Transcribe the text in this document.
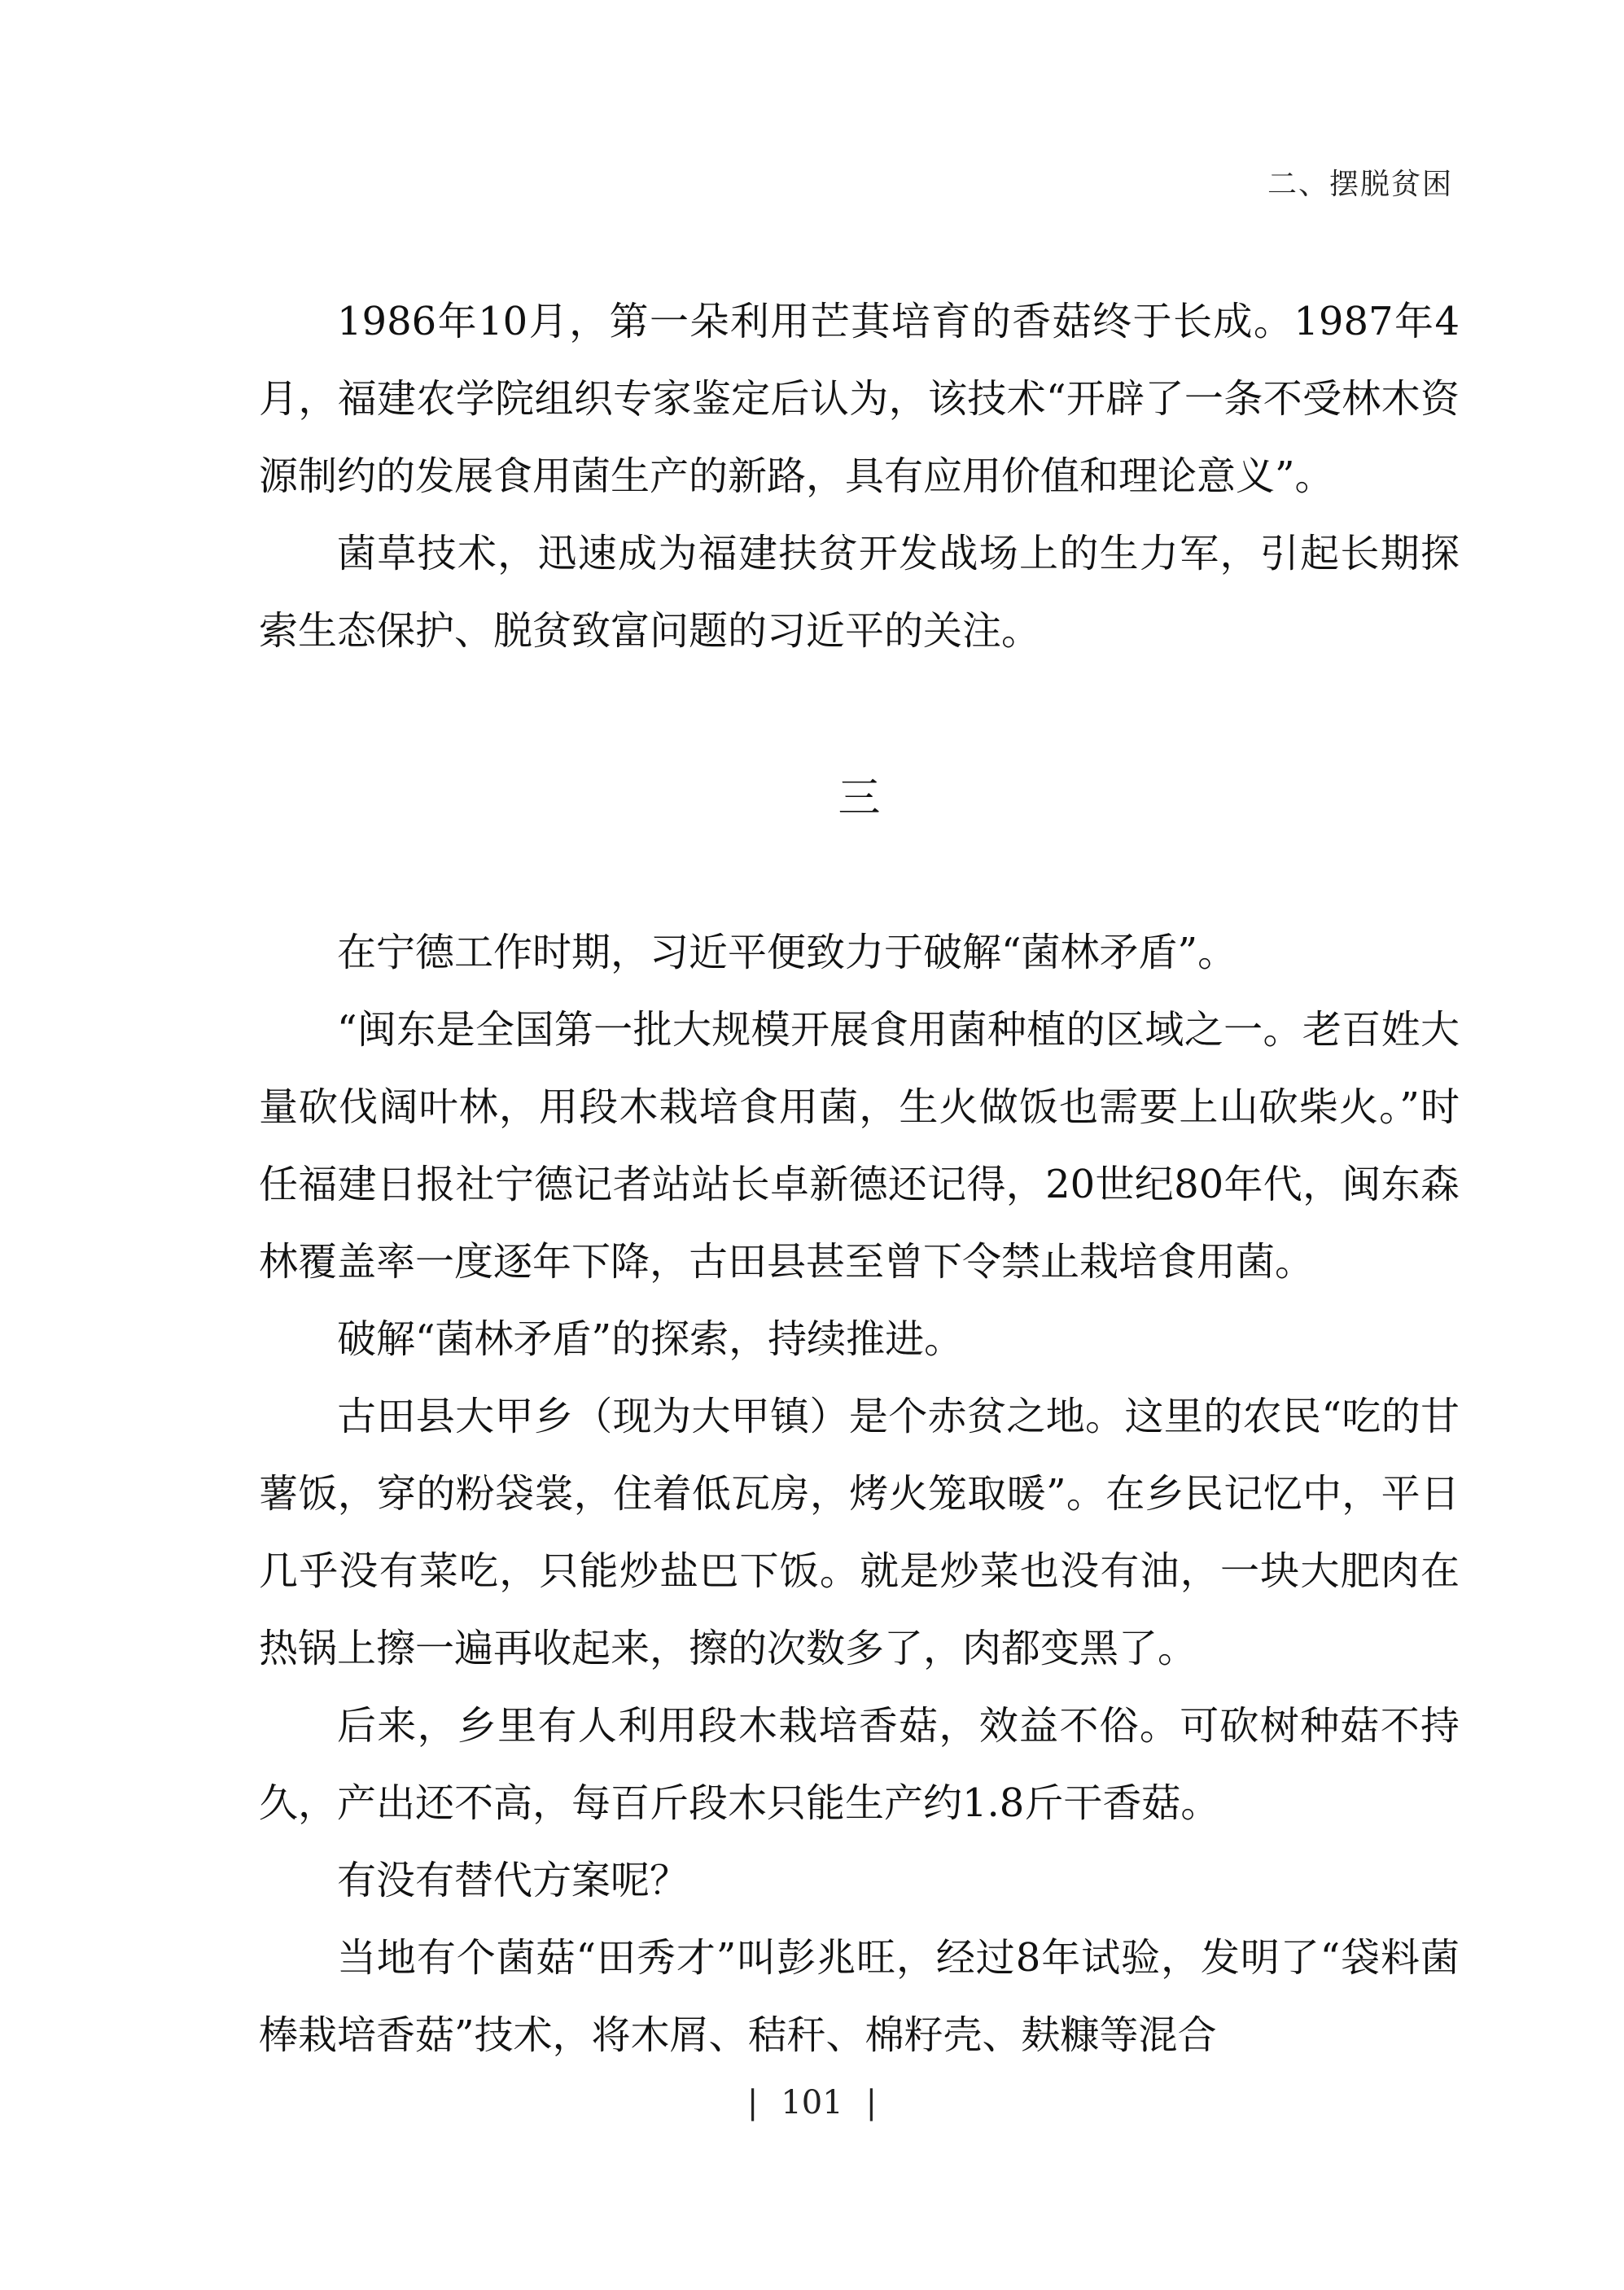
二、摆脱贫困

1986年10月，第一朵利用芒萁培育的香菇终于长成。1987年4月，福建农学院组织专家鉴定后认为，该技术“开辟了一条不受林木资源制约的发展食用菌生产的新路，具有应用价值和理论意义”。

菌草技术，迅速成为福建扶贫开发战场上的生力军，引起长期探索生态保护、脱贫致富问题的习近平的关注。

三

在宁德工作时期，习近平便致力于破解“菌林矛盾”。

“闽东是全国第一批大规模开展食用菌种植的区域之一。老百姓大量砍伐阔叶林，用段木栽培食用菌，生火做饭也需要上山砍柴火。”时任福建日报社宁德记者站站长卓新德还记得，20世纪80年代，闽东森林覆盖率一度逐年下降，古田县甚至曾下令禁止栽培食用菌。

破解“菌林矛盾”的探索，持续推进。

古田县大甲乡（现为大甲镇）是个赤贫之地。这里的农民“吃的甘薯饭，穿的粉袋裳，住着低瓦房，烤火笼取暖”。在乡民记忆中，平日几乎没有菜吃，只能炒盐巴下饭。就是炒菜也没有油，一块大肥肉在热锅上擦一遍再收起来，擦的次数多了，肉都变黑了。

后来，乡里有人利用段木栽培香菇，效益不俗。可砍树种菇不持久，产出还不高，每百斤段木只能生产约1.8斤干香菇。

有没有替代方案呢？

当地有个菌菇“田秀才”叫彭兆旺，经过8年试验，发明了“袋料菌棒栽培香菇”技术，将木屑、秸秆、棉籽壳、麸糠等混合

| 101 |
